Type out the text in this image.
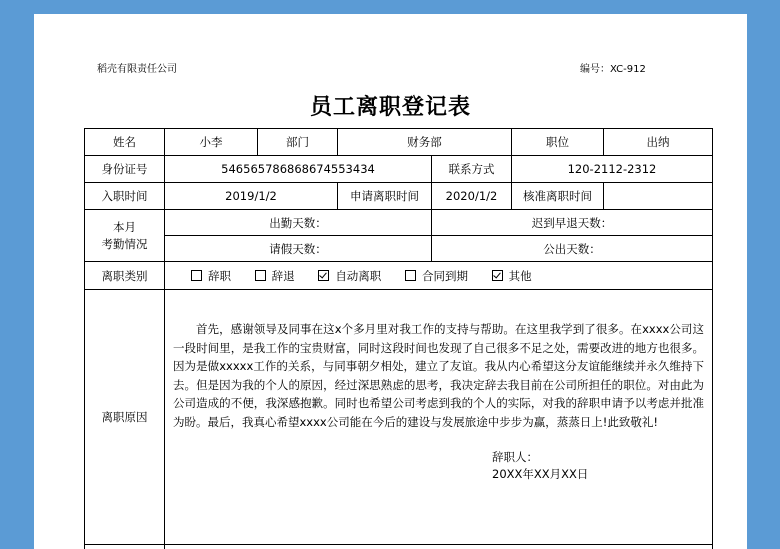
稻壳有限责任公司	编号：XC-912
员工离职登记表
姓名	小李	部门	财务部		职位	出纳
身份证号	546565786868674553434			联系方式	120-2112-2312	
入职时间	2019/1/2		申请离职时间	2020/1/2	核准离职时间	

本月
考勤情况	出勤天数：			迟到早退天数：		
	请假天数：			公出天数：		
离职类别	辞职 辞退 自动离职 合同到期 其他					
离职原因	首先，感谢领导及同事在这x个多月里对我工作的支持与帮助。在这里我学到了很多。在xxxx公司这一段时间里，是我工作的宝贵财富，同时这段时间也发现了自己很多不足之处，需要改进的地方也很多。因为是做xxxxx工作的关系，与同事朝夕相处，建立了友谊。我从内心希望这分友谊能继续并永久维持下去。但是因为我的个人的原因，经过深思熟虑的思考，我决定辞去我目前在公司所担任的职位。对由此为公司造成的不便，我深感抱歉。同时也希望公司考虑到我的个人的实际，对我的辞职申请予以考虑并批准为盼。最后，我真心希望xxxx公司能在今后的建设与发展旅途中步步为赢，蒸蒸日上!此致敬礼!
辞职人：
20XX年XX月XX日					
